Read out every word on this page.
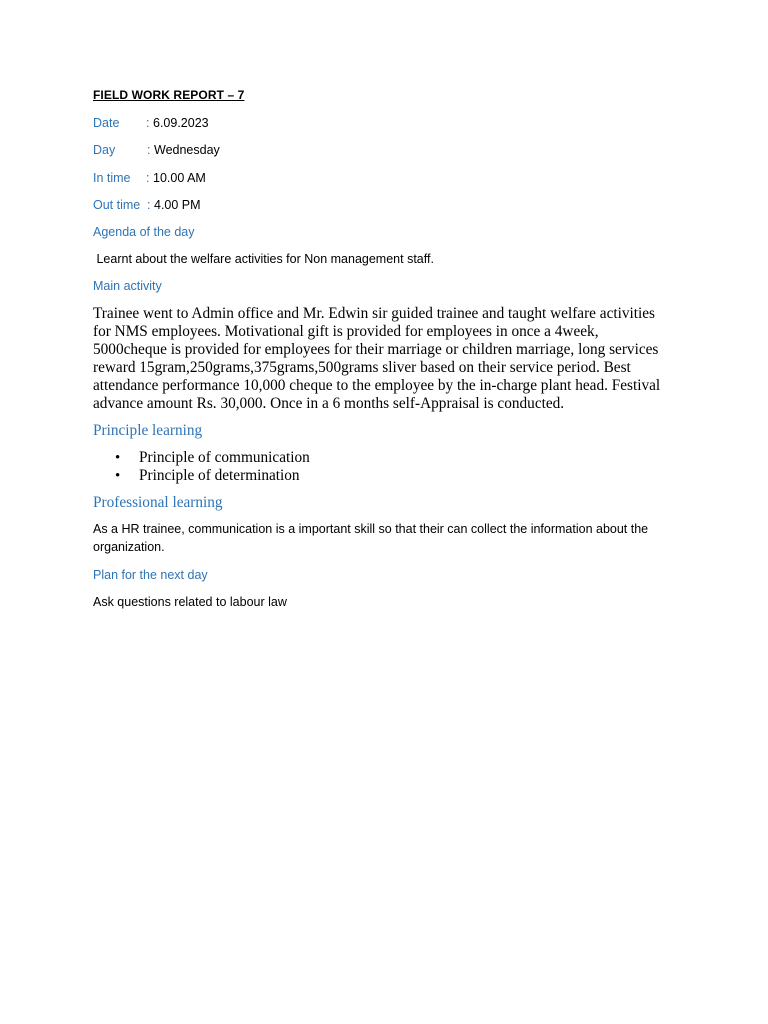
FIELD WORK REPORT – 7
Date : 6.09.2023
Day	: Wednesday
In time : 10.00 AM
Out time : 4.00 PM
Agenda of the day
Learnt about the welfare activities for Non management staff.
Main activity
Trainee went to Admin office and Mr. Edwin sir guided trainee and taught welfare activities for NMS employees. Motivational gift is provided for employees in once a 4week, 5000cheque is provided for employees for their marriage or children marriage, long services reward 15gram,250grams,375grams,500grams sliver based on their service period. Best attendance performance 10,000 cheque to the employee by the in-charge plant head. Festival advance amount Rs. 30,000. Once in a 6 months self-Appraisal is conducted.
Principle learning
• Principle of communication
• Principle of determination
Professional learning
As a HR trainee, communication is a important skill so that their can collect the information about the organization.
Plan for the next day
Ask questions related to labour law
